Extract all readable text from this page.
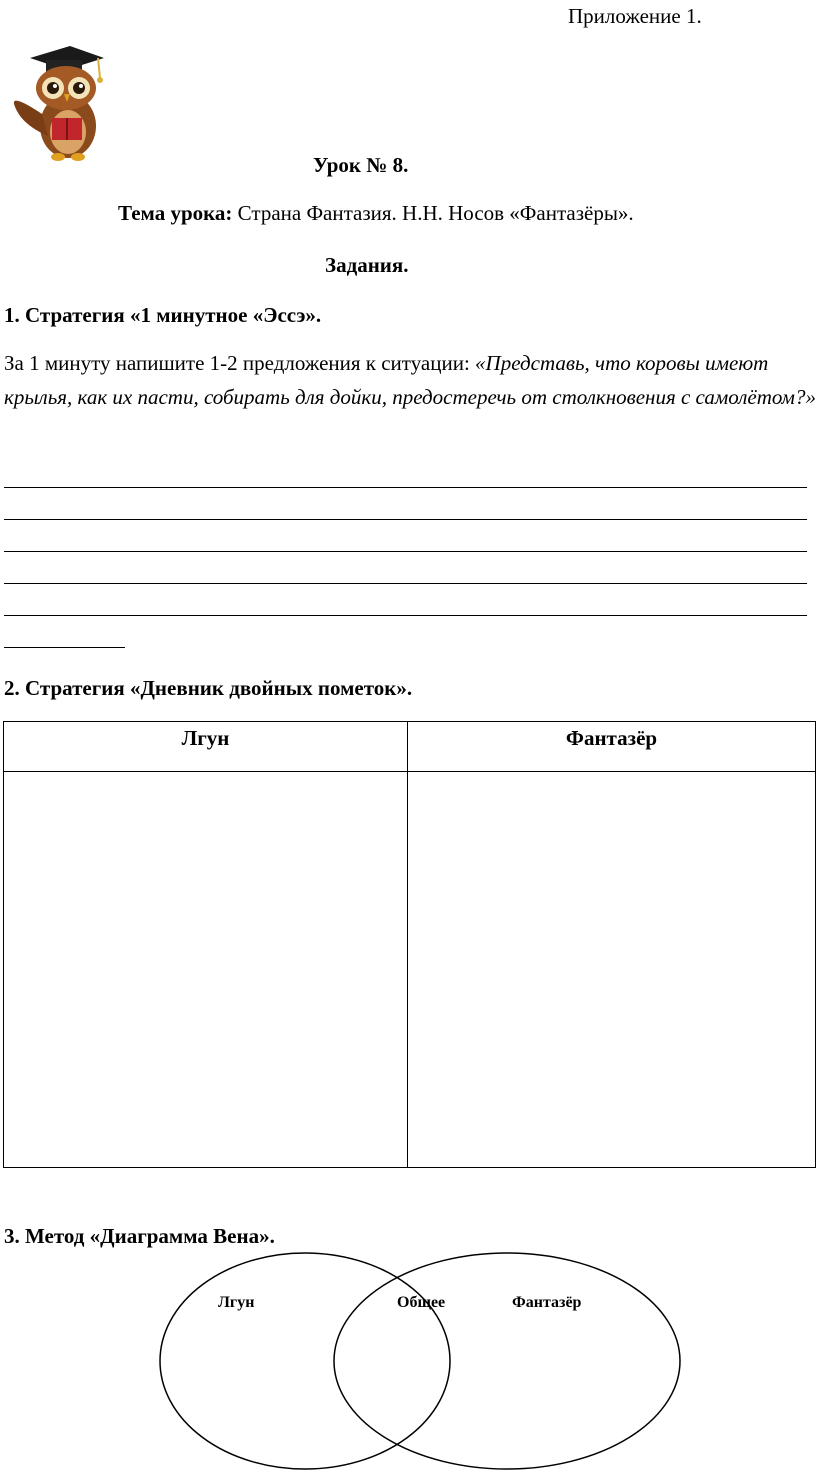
Приложение 1.
Урок № 8.
Тема урока: Страна Фантазия. Н.Н. Носов «Фантазёры».
Задания.
1. Стратегия «1 минутное «Эссэ».
За 1 минуту напишите 1-2 предложения к ситуации: «Представь, что коровы имеют крылья, как их пасти, собирать для дойки, предостеречь от столкновения с самолётом?»
2. Стратегия «Дневник двойных пометок».
Лгун	Фантазёр

3. Метод «Диаграмма Вена».
Лгун	Общее	Фантазёр
